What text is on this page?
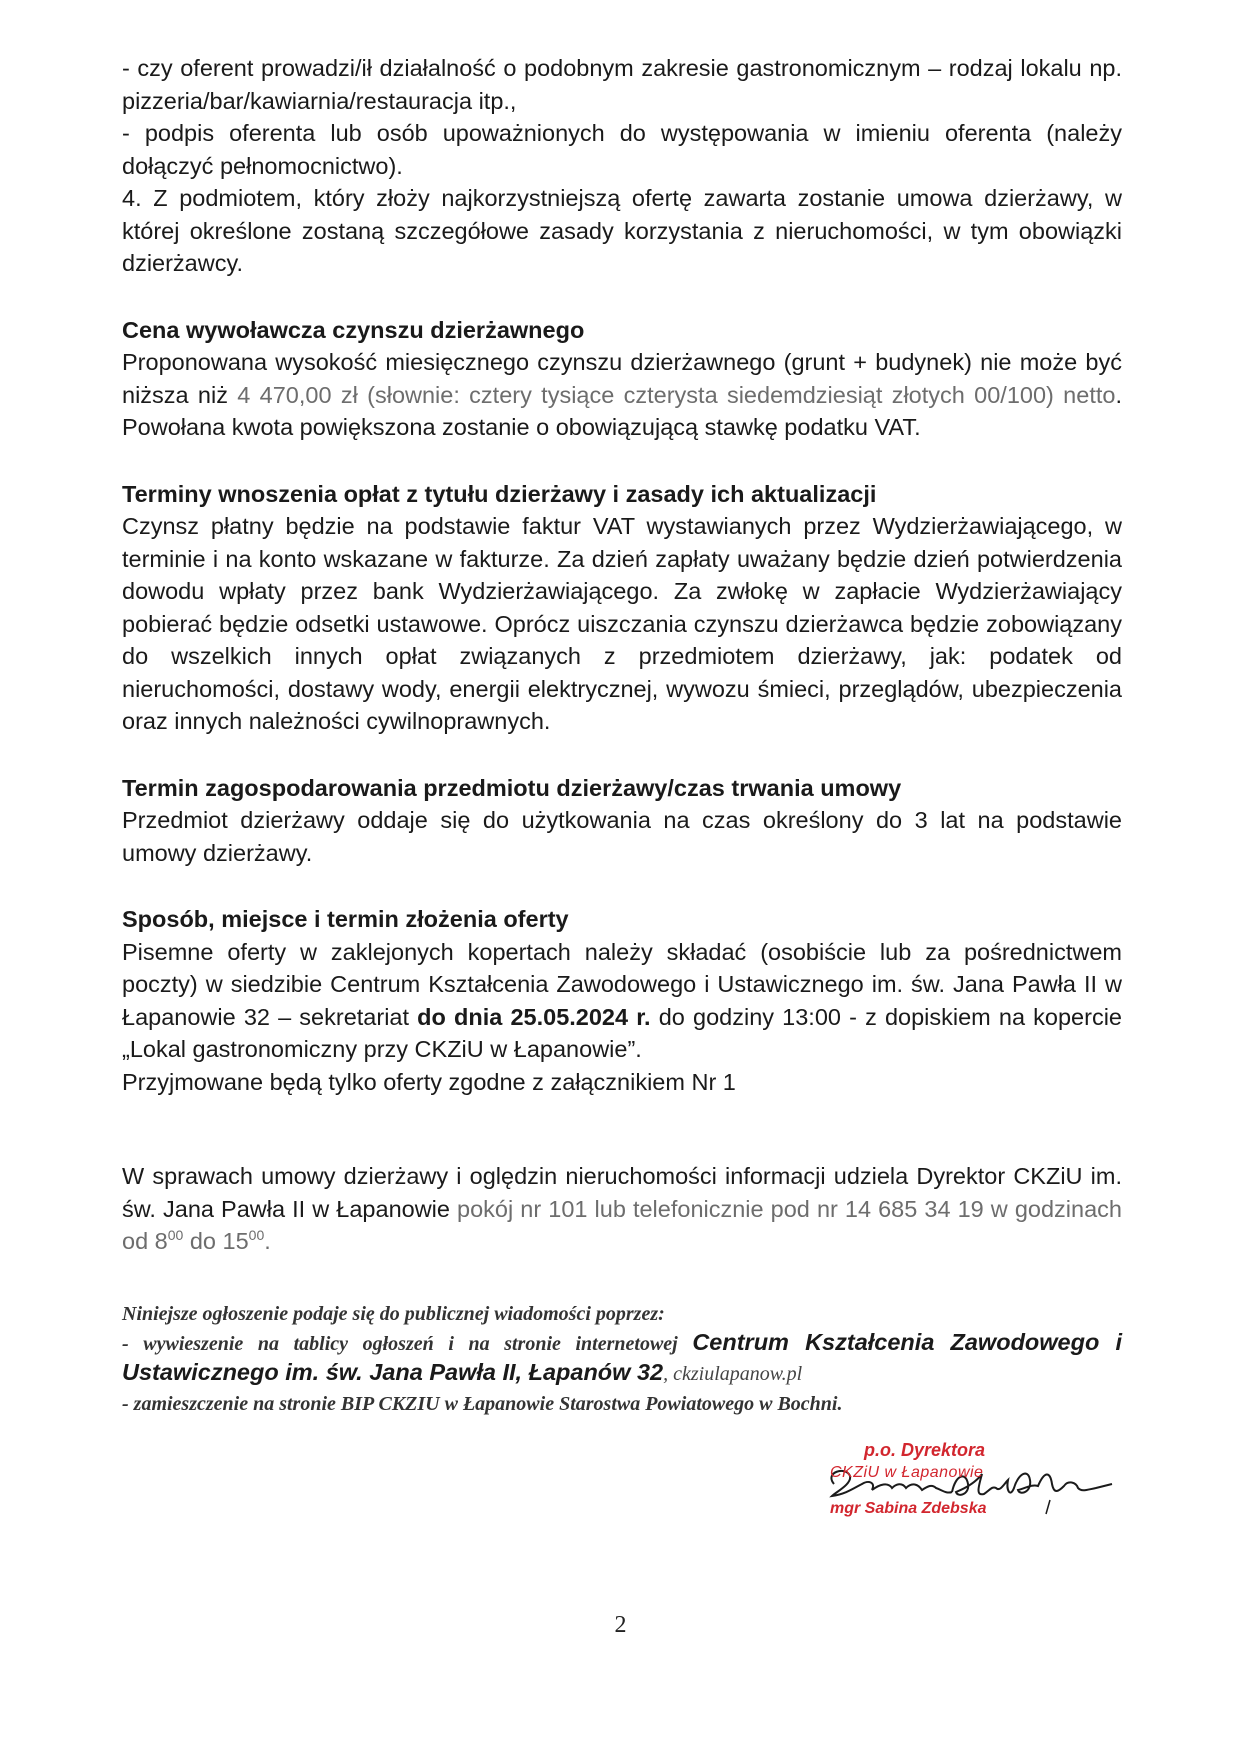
- czy oferent prowadzi/ił działalność o podobnym zakresie gastronomicznym – rodzaj lokalu np. pizzeria/bar/kawiarnia/restauracja itp.,

- podpis oferenta lub osób upoważnionych do występowania w imieniu oferenta (należy dołączyć pełnomocnictwo).

4. Z podmiotem, który złoży najkorzystniejszą ofertę zawarta zostanie umowa dzierżawy, w której określone zostaną szczegółowe zasady korzystania z nieruchomości, w tym obowiązki dzierżawcy.

Cena wywoławcza czynszu dzierżawnego

Proponowana wysokość miesięcznego czynszu dzierżawnego (grunt + budynek) nie może być niższa niż 4 470,00 zł (słownie: cztery tysiące czterysta siedemdziesiąt złotych 00/100) netto. Powołana kwota powiększona zostanie o obowiązującą stawkę podatku VAT.

Terminy wnoszenia opłat z tytułu dzierżawy i zasady ich aktualizacji

Czynsz płatny będzie na podstawie faktur VAT wystawianych przez Wydzierżawiającego, w terminie i na konto wskazane w fakturze. Za dzień zapłaty uważany będzie dzień potwierdzenia dowodu wpłaty przez bank Wydzierżawiającego. Za zwłokę w zapłacie Wydzierżawiający pobierać będzie odsetki ustawowe. Oprócz uiszczania czynszu dzierżawca będzie zobowiązany do wszelkich innych opłat związanych z przedmiotem dzierżawy, jak: podatek od nieruchomości, dostawy wody, energii elektrycznej, wywozu śmieci, przeglądów, ubezpieczenia oraz innych należności cywilnoprawnych.

Termin zagospodarowania przedmiotu dzierżawy/czas trwania umowy

Przedmiot dzierżawy oddaje się do użytkowania na czas określony do 3 lat na podstawie umowy dzierżawy.

Sposób, miejsce i termin złożenia oferty

Pisemne oferty w zaklejonych kopertach należy składać (osobiście lub za pośrednictwem poczty) w siedzibie Centrum Kształcenia Zawodowego i Ustawicznego im. św. Jana Pawła II w Łapanowie 32 – sekretariat do dnia 25.05.2024 r. do godziny 13:00 - z dopiskiem na kopercie „Lokal gastronomiczny przy CKZiU w Łapanowie”.

Przyjmowane będą tylko oferty zgodne z załącznikiem Nr 1

W sprawach umowy dzierżawy i oględzin nieruchomości informacji udziela Dyrektor CKZiU im. św. Jana Pawła II w Łapanowie pokój nr 101 lub telefonicznie pod nr 14 685 34 19 w godzinach od $8^{00}$ do $15^{00}$.

Niniejsze ogłoszenie podaje się do publicznej wiadomości poprzez:

- wywieszenie na tablicy ogłoszeń i na stronie internetowej Centrum Kształcenia Zawodowego i Ustawicznego im. św. Jana Pawła II, Łapanów 32, ckziulapanow.pl

- zamieszczenie na stronie BIP CKZIU w Łapanowie Starostwa Powiatowego w Bochni.

p.o. Dyrektora
CKZiU w Łapanowie
mgr Sabina Zdebska
2
